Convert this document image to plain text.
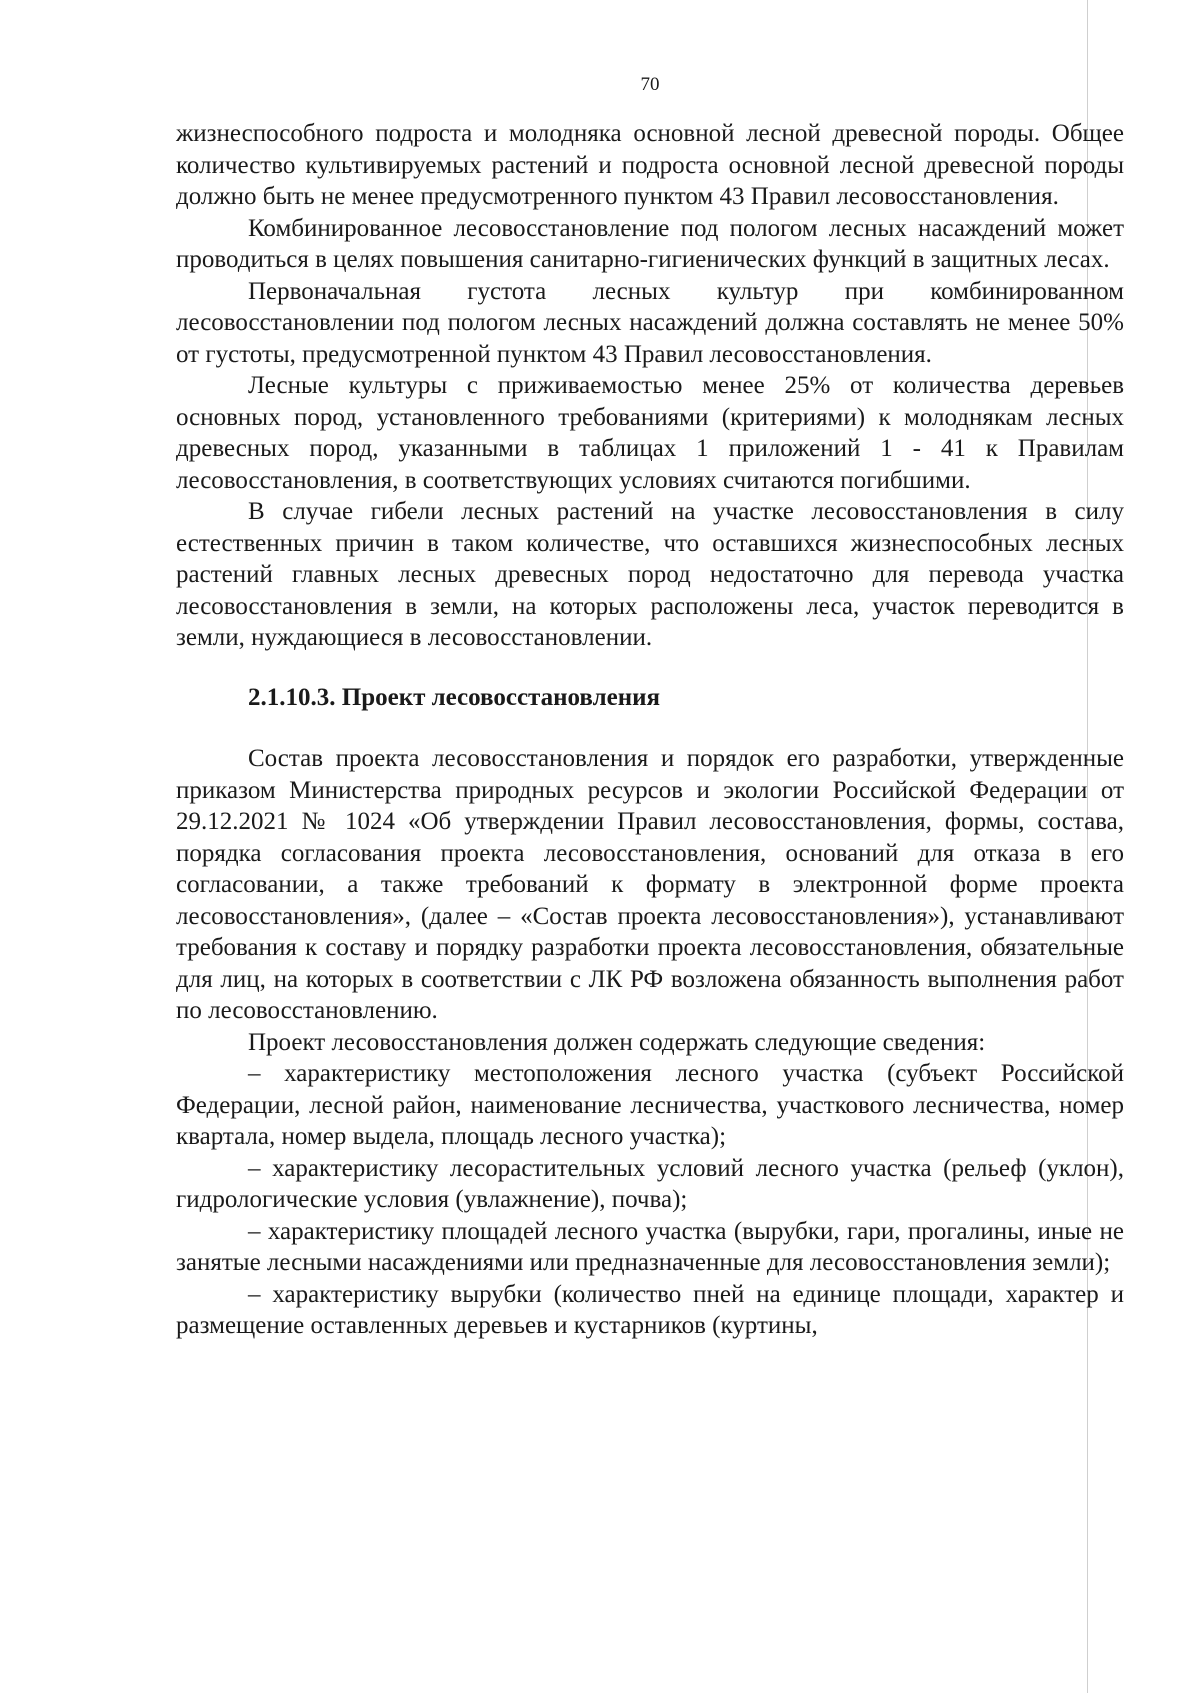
70

жизнеспособного подроста и молодняка основной лесной древесной породы. Общее количество культивируемых растений и подроста основной лесной древесной породы должно быть не менее предусмотренного пунктом 43 Правил лесовосстановления.

Комбинированное лесовосстановление под пологом лесных насаждений может проводиться в целях повышения санитарно-гигиенических функций в защитных лесах.

Первоначальная густота лесных культур при комбинированном лесовосстановлении под пологом лесных насаждений должна составлять не менее 50% от густоты, предусмотренной пунктом 43 Правил лесовосстановления.

Лесные культуры с приживаемостью менее 25% от количества деревьев основных пород, установленного требованиями (критериями) к молоднякам лесных древесных пород, указанными в таблицах 1 приложений 1 - 41 к Правилам лесовосстановления, в соответствующих условиях считаются погибшими.

В случае гибели лесных растений на участке лесовосстановления в силу естественных причин в таком количестве, что оставшихся жизнеспособных лесных растений главных лесных древесных пород недостаточно для перевода участка лесовосстановления в земли, на которых расположены леса, участок переводится в земли, нуждающиеся в лесовосстановлении.

2.1.10.3. Проект лесовосстановления

Состав проекта лесовосстановления и порядок его разработки, утвержденные приказом Министерства природных ресурсов и экологии Российской Федерации от 29.12.2021 № 1024 «Об утверждении Правил лесовосстановления, формы, состава, порядка согласования проекта лесовосстановления, оснований для отказа в его согласовании, а также требований к формату в электронной форме проекта лесовосстановления», (далее – «Состав проекта лесовосстановления»), устанавливают требования к составу и порядку разработки проекта лесовосстановления, обязательные для лиц, на которых в соответствии с ЛК РФ возложена обязанность выполнения работ по лесовосстановлению.

Проект лесовосстановления должен содержать следующие сведения:

– характеристику местоположения лесного участка (субъект Российской Федерации, лесной район, наименование лесничества, участкового лесничества, номер квартала, номер выдела, площадь лесного участка);

– характеристику лесорастительных условий лесного участка (рельеф (уклон), гидрологические условия (увлажнение), почва);

– характеристику площадей лесного участка (вырубки, гари, прогалины, иные не занятые лесными насаждениями или предназначенные для лесовосстановления земли);

– характеристику вырубки (количество пней на единице площади, характер и размещение оставленных деревьев и кустарников (куртины,
